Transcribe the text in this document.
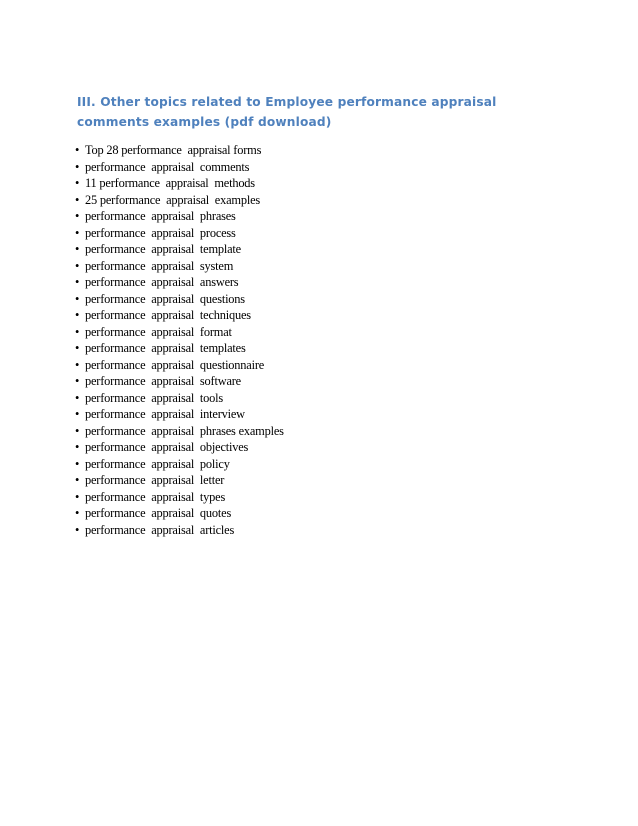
III. Other topics related to Employee performance appraisal comments examples (pdf download)
• Top 28 performance  appraisal forms
• performance  appraisal  comments
• 11 performance  appraisal  methods
• 25 performance  appraisal  examples
• performance  appraisal  phrases
• performance  appraisal  process
• performance  appraisal  template
• performance  appraisal  system
• performance  appraisal  answers
• performance  appraisal  questions
• performance  appraisal  techniques
• performance  appraisal  format
• performance  appraisal  templates
• performance  appraisal  questionnaire
• performance  appraisal  software
• performance  appraisal  tools
• performance  appraisal  interview
• performance  appraisal  phrases examples
• performance  appraisal  objectives
• performance  appraisal  policy
• performance  appraisal  letter
• performance  appraisal  types
• performance  appraisal  quotes
• performance  appraisal  articles
